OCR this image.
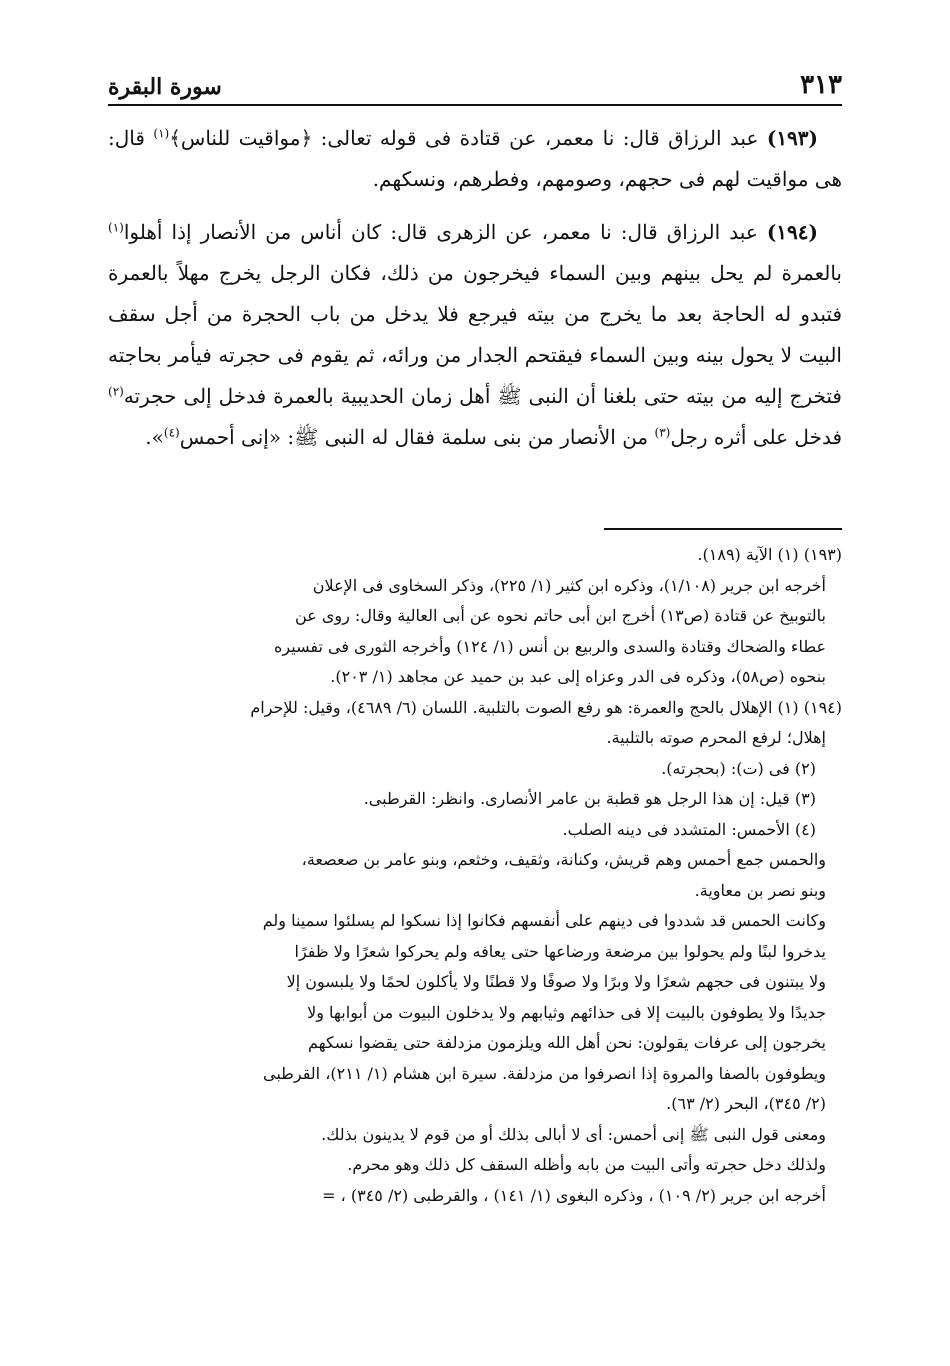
سورة البقرة	٣١٣

(١٩٣) عبد الرزاق قال: نا معمر، عن قتادة فى قوله تعالى: ﴿مواقيت للناس﴾$^{(١)}$ قال: هى مواقيت لهم فى حجهم، وصومهم، وفطرهم، ونسكهم.

(١٩٤) عبد الرزاق قال: نا معمر، عن الزهرى قال: كان أناس من الأنصار إذا أهلوا$^{(١)}$ بالعمرة لم يحل بينهم وبين السماء فيخرجون من ذلك، فكان الرجل يخرج مهلاً بالعمرة فتبدو له الحاجة بعد ما يخرج من بيته فيرجع فلا يدخل من باب الحجرة من أجل سقف البيت لا يحول بينه وبين السماء فيقتحم الجدار من ورائه، ثم يقوم فى حجرته فيأمر بحاجته فتخرج إليه من بيته حتى بلغنا أن النبى ﷺ أهل زمان الحديبية بالعمرة فدخل إلى حجرته$^{(٢)}$ فدخل على أثره رجل$^{(٣)}$ من الأنصار من بنى سلمة فقال له النبى ﷺ: «إنى أحمس$^{(٤)}$».

(١٩٣) (١) الآية (١٨٩).
أخرجه ابن جرير (١/١٠٨)، وذكره ابن كثير (١/ ٢٢٥)، وذكر السخاوى فى الإعلان
بالتوبيخ عن قتادة (ص١٣) أخرج ابن أبى حاتم نحوه عن أبى العالية وقال: روى عن
عطاء والضحاك وقتادة والسدى والربيع بن أنس (١/ ١٢٤) وأخرجه الثورى فى تفسيره
بنحوه (ص٥٨)، وذكره فى الدر وعزاه إلى عبد بن حميد عن مجاهد (١/ ٢٠٣).
(١٩٤) (١) الإهلال بالحج والعمرة: هو رفع الصوت بالتلبية. اللسان (٦/ ٤٦٨٩)، وقيل: للإحرام
إهلال؛ لرفع المحرم صوته بالتلبية.
(٢) فى (ت): (بحجرته).
(٣) قيل: إن هذا الرجل هو قطبة بن عامر الأنصارى. وانظر: القرطبى.
(٤) الأحمس: المتشدد فى دينه الصلب.
والحمس جمع أحمس وهم قريش، وكنانة، وثقيف، وخثعم، وبنو عامر بن صعصعة،
وبنو نصر بن معاوية.
وكانت الحمس قد شددوا فى دينهم على أنفسهم فكانوا إذا نسكوا لم يسلئوا سمينا ولم
يدخروا لبنًا ولم يحولوا بين مرضعة ورضاعها حتى يعافه ولم يحركوا شعرًا ولا ظفرًا
ولا يبتنون فى حجهم شعرًا ولا وبرًا ولا صوفًا ولا قطنًا ولا يأكلون لحمًا ولا يلبسون إلا
جديدًا ولا يطوفون بالبيت إلا فى حذائهم وثيابهم ولا يدخلون البيوت من أبوابها ولا
يخرجون إلى عرفات يقولون: نحن أهل الله ويلزمون مزدلفة حتى يقضوا نسكهم
ويطوفون بالصفا والمروة إذا انصرفوا من مزدلفة. سيرة ابن هشام (١/ ٢١١)، القرطبى
(٢/ ٣٤٥)، البحر (٢/ ٦٣).
ومعنى قول النبى ﷺ إنى أحمس: أى لا أبالى بذلك أو من قوم لا يدينون بذلك.
ولذلك دخل حجرته وأتى البيت من بابه وأظله السقف كل ذلك وهو محرم.
أخرجه ابن جرير (٢/ ١٠٩) ، وذكره البغوى (١/ ١٤١) ، والقرطبى (٢/ ٣٤٥) ، =
